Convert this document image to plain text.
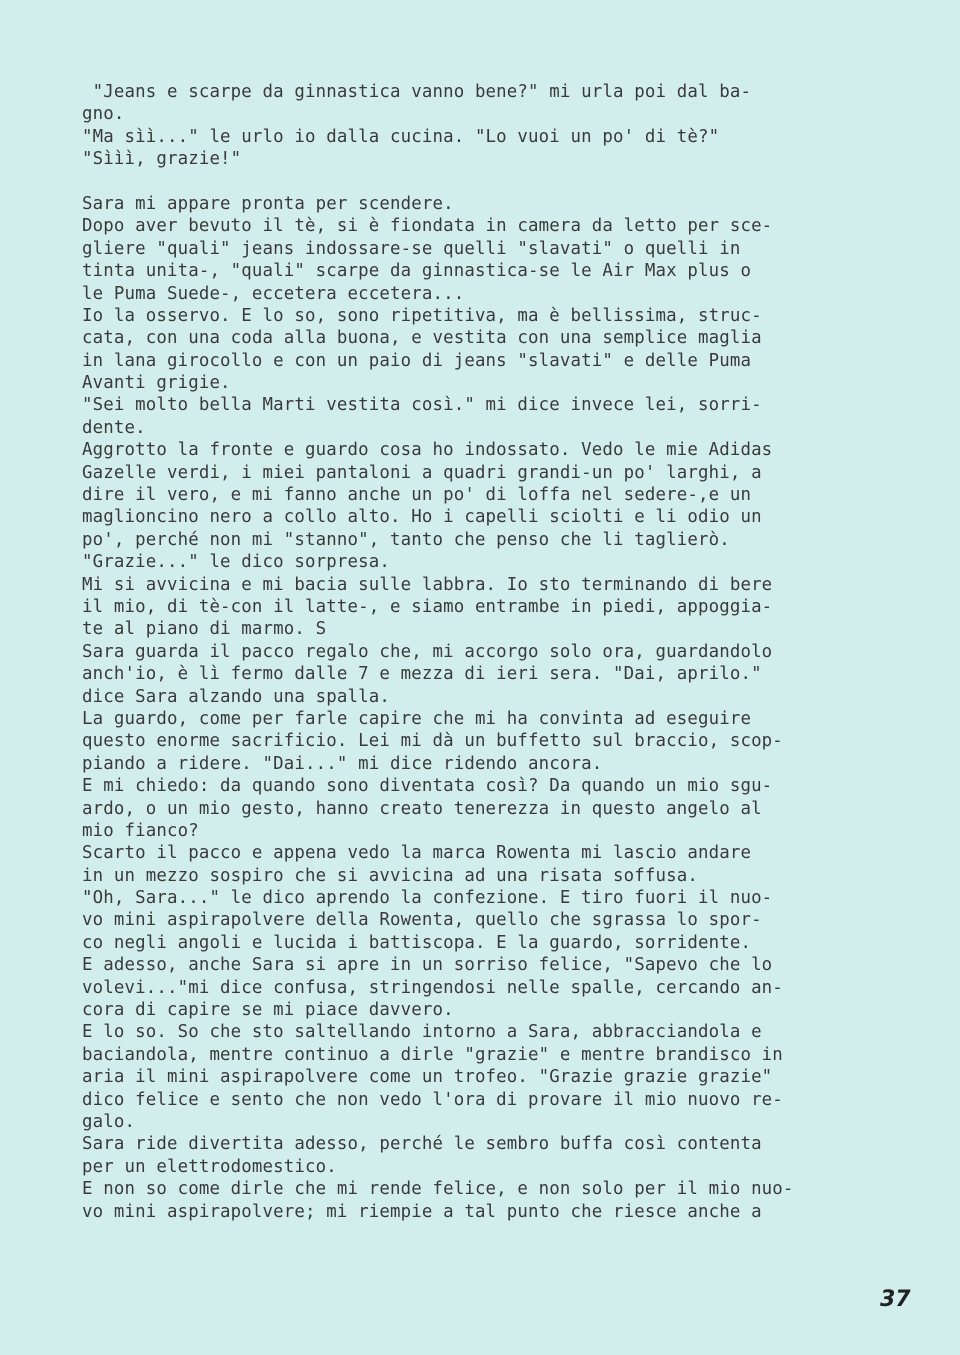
"Jeans e scarpe da ginnastica vanno bene?" mi urla poi dal ba-
gno.
"Ma sìì..." le urlo io dalla cucina. "Lo vuoi un po' di tè?"
"Sììì, grazie!"
Sara mi appare pronta per scendere.
Dopo aver bevuto il tè, si è fiondata in camera da letto per sce-
gliere "quali" jeans indossare-se quelli "slavati" o quelli in
tinta unita-, "quali" scarpe da ginnastica-se le Air Max plus o
le Puma Suede-, eccetera eccetera...
Io la osservo. E lo so, sono ripetitiva, ma è bellissima, struc-
cata, con una coda alla buona, e vestita con una semplice maglia
in lana girocollo e con un paio di jeans "slavati" e delle Puma
Avanti grigie.
"Sei molto bella Marti vestita così." mi dice invece lei, sorri-
dente.
Aggrotto la fronte e guardo cosa ho indossato. Vedo le mie Adidas
Gazelle verdi, i miei pantaloni a quadri grandi-un po' larghi, a
dire il vero, e mi fanno anche un po' di loffa nel sedere-,e un
maglioncino nero a collo alto. Ho i capelli sciolti e li odio un
po', perché non mi "stanno", tanto che penso che li taglierò.
"Grazie..." le dico sorpresa.
Mi si avvicina e mi bacia sulle labbra. Io sto terminando di bere
il mio, di tè-con il latte-, e siamo entrambe in piedi, appoggia-
te al piano di marmo. S
Sara guarda il pacco regalo che, mi accorgo solo ora, guardandolo
anch'io, è lì fermo dalle 7 e mezza di ieri sera. "Dai, aprilo."
dice Sara alzando una spalla.
La guardo, come per farle capire che mi ha convinta ad eseguire
questo enorme sacrificio. Lei mi dà un buffetto sul braccio, scop-
piando a ridere. "Dai..." mi dice ridendo ancora.
E mi chiedo: da quando sono diventata così? Da quando un mio sgu-
ardo, o un mio gesto, hanno creato tenerezza in questo angelo al
mio fianco?
Scarto il pacco e appena vedo la marca Rowenta mi lascio andare
in un mezzo sospiro che si avvicina ad una risata soffusa.
"Oh, Sara..." le dico aprendo la confezione. E tiro fuori il nuo-
vo mini aspirapolvere della Rowenta, quello che sgrassa lo spor-
co negli angoli e lucida i battiscopa. E la guardo, sorridente.
E adesso, anche Sara si apre in un sorriso felice, "Sapevo che lo
volevi..."mi dice confusa, stringendosi nelle spalle, cercando an-
cora di capire se mi piace davvero.
E lo so. So che sto saltellando intorno a Sara, abbracciandola e
baciandola, mentre continuo a dirle "grazie" e mentre brandisco in
aria il mini aspirapolvere come un trofeo. "Grazie grazie grazie"
dico felice e sento che non vedo l'ora di provare il mio nuovo re-
galo.
Sara ride divertita adesso, perché le sembro buffa così contenta
per un elettrodomestico.
E non so come dirle che mi rende felice, e non solo per il mio nuo-
vo mini aspirapolvere; mi riempie a tal punto che riesce anche a
37
